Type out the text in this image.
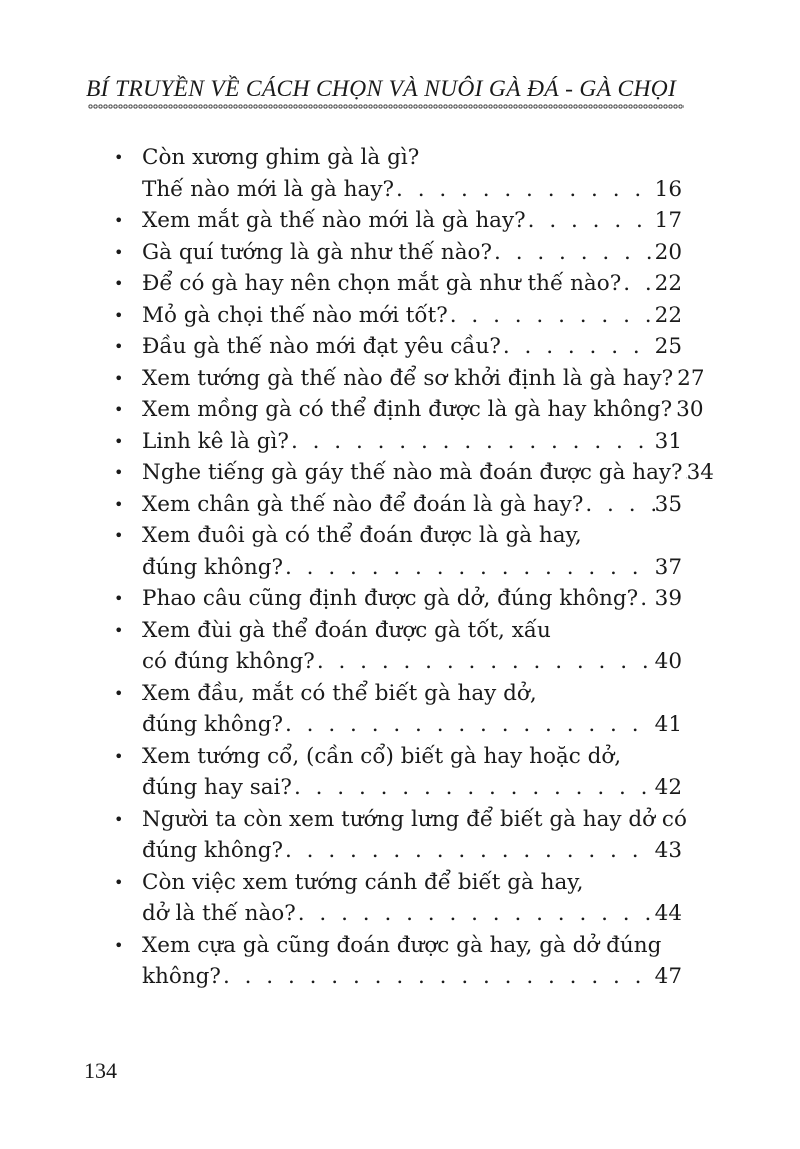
BÍ TRUYỀN VỀ CÁCH CHỌN VÀ NUÔI GÀ ĐÁ - GÀ CHỌI
• Còn xương ghim gà là gì?
Thế nào mới là gà hay? . . .	16
• Xem mắt gà thế nào mới là gà hay? . . .	17
• Gà quí tướng là gà như thế nào? . . .	20
• Để có gà hay nên chọn mắt gà như thế nào? . . . 22
• Mỏ gà chọi thế nào mới tốt? . . .	22
• Đầu gà thế nào mới đạt yêu cầu? . . .	25
• Xem tướng gà thế nào để sơ khởi định là gà hay? . . . 27
• Xem mồng gà có thể định được là gà hay không? . . . 30
• Linh kê là gì? . . .	31
• Nghe tiếng gà gáy thế nào mà đoán được gà hay? . . . 34
• Xem chân gà thế nào để đoán là gà hay? . . .	35
• Xem đuôi gà có thể đoán được là gà hay,
đúng không? . . .	37
• Phao câu cũng định được gà dở, đúng không? . . . 39
• Xem đùi gà thể đoán được gà tốt, xấu
có đúng không? . . .	40
• Xem đầu, mắt có thể biết gà hay dở,
đúng không? . . .	41
• Xem tướng cổ, (cần cổ) biết gà hay hoặc dở,
đúng hay sai? . . .	42
• Người ta còn xem tướng lưng để biết gà hay dở có
đúng không? . . .	43
• Còn việc xem tướng cánh để biết gà hay,
dở là thế nào? . . .	44
• Xem cựa gà cũng đoán được gà hay, gà dở đúng
không? . . .	47
134
